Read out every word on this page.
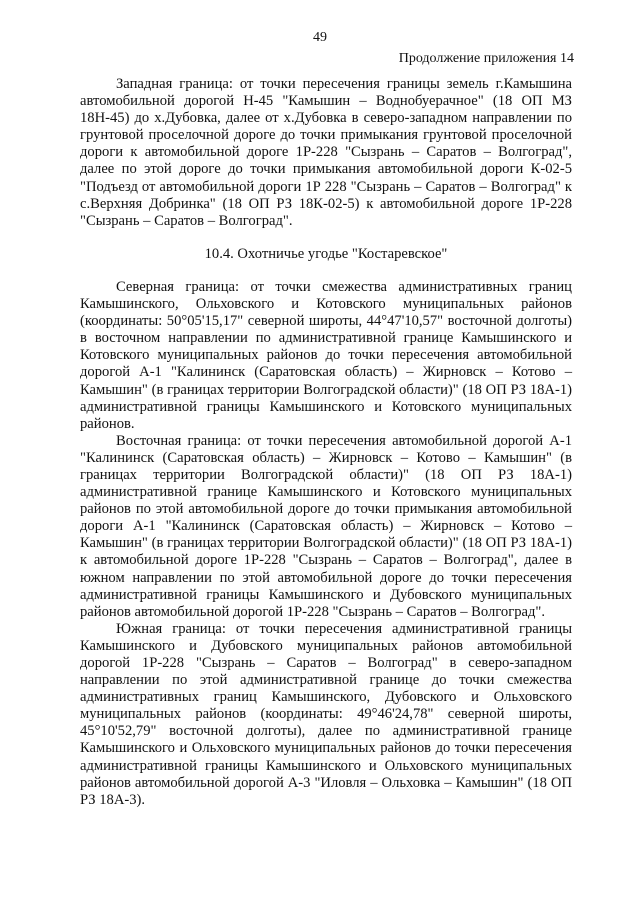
49
Продолжение приложения 14

Западная граница: от точки пересечения границы земель г.Камышина автомобильной дорогой Н-45 "Камышин – Воднобуерачное" (18 ОП МЗ 18Н-45) до х.Дубовка, далее от х.Дубовка в северо-западном направлении по грунтовой проселочной дороге до точки примыкания грунтовой проселочной дороги к автомобильной дороге 1Р-228 "Сызрань – Саратов – Волгоград", далее по этой дороге до точки примыкания автомобильной дороги К-02-5 "Подъезд от автомобильной дороги 1Р 228 "Сызрань – Саратов – Волгоград" к с.Верхняя Добринка" (18 ОП РЗ 18К-02-5) к автомобильной дороге 1Р-228 "Сызрань – Саратов – Волгоград".

10.4. Охотничье угодье "Костаревское"

Северная граница: от точки смежества административных границ Камышинского, Ольховского и Котовского муниципальных районов (координаты: 50°05'15,17" северной широты, 44°47'10,57" восточной долготы) в восточном направлении по административной границе Камышинского и Котовского муниципальных районов до точки пересечения автомобильной дорогой А-1 "Калининск (Саратовская область) – Жирновск – Котово – Камышин" (в границах территории Волгоградской области)" (18 ОП РЗ 18А-1) административной границы Камышинского и Котовского муниципальных районов.

Восточная граница: от точки пересечения автомобильной дорогой А-1 "Калининск (Саратовская область) – Жирновск – Котово – Камышин" (в границах территории Волгоградской области)" (18 ОП РЗ 18А-1) административной границе Камышинского и Котовского муниципальных районов по этой автомобильной дороге до точки примыкания автомобильной дороги А-1 "Калининск (Саратовская область) – Жирновск – Котово – Камышин" (в границах территории Волгоградской области)" (18 ОП РЗ 18А-1) к автомобильной дороге 1Р-228 "Сызрань – Саратов – Волгоград", далее в южном направлении по этой автомобильной дороге до точки пересечения административной границы Камышинского и Дубовского муниципальных районов автомобильной дорогой 1Р-228 "Сызрань – Саратов – Волгоград".

Южная граница: от точки пересечения административной границы Камышинского и Дубовского муниципальных районов автомобильной дорогой 1Р-228 "Сызрань – Саратов – Волгоград" в северо-западном направлении по этой административной границе до точки смежества административных границ Камышинского, Дубовского и Ольховского муниципальных районов (координаты: 49°46'24,78" северной широты, 45°10'52,79" восточной долготы), далее по административной границе Камышинского и Ольховского муниципальных районов до точки пересечения административной границы Камышинского и Ольховского муниципальных районов автомобильной дорогой А-3 "Иловля – Ольховка – Камышин" (18 ОП РЗ 18А-3).
